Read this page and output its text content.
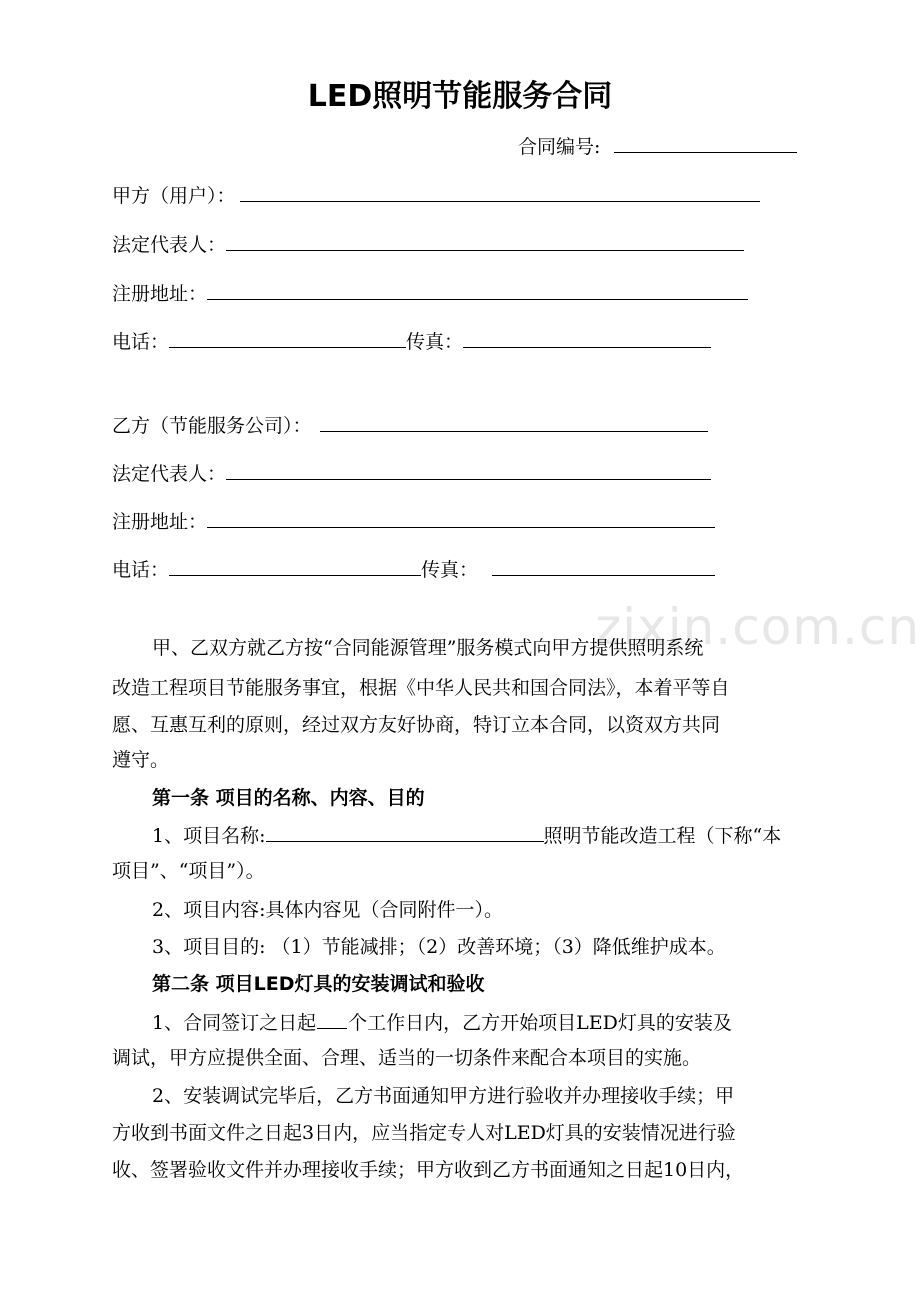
LED照明节能服务合同
合同编号:
甲方（用户）：
法定代表人：
注册地址：
电话：	传真：
乙方（节能服务公司）：
法定代表人：
注册地址：
电话：	传真：
zixin.com.cn
甲、乙双方就乙方按“合同能源管理”服务模式向甲方提供照明系统
改造工程项目节能服务事宜，根据《中华人民共和国合同法》，本着平等自
愿、互惠互利的原则，经过双方友好协商，特订立本合同，以资双方共同
遵守。
第一条 项目的名称、内容、目的
1、项目名称:	照明节能改造工程（下称“本
项目”、“项目”）。
2、项目内容:具体内容见（合同附件一）。
3、项目目的: （1）节能减排；（2）改善环境；（3）降低维护成本。
第二条 项目LED灯具的安装调试和验收
1、合同签订之日起 个工作日内，乙方开始项目LED灯具的安装及
调试，甲方应提供全面、合理、适当的一切条件来配合本项目的实施。
2、安装调试完毕后，乙方书面通知甲方进行验收并办理接收手续；甲
方收到书面文件之日起3日内，应当指定专人对LED灯具的安装情况进行验
收、签署验收文件并办理接收手续；甲方收到乙方书面通知之日起10日内，
